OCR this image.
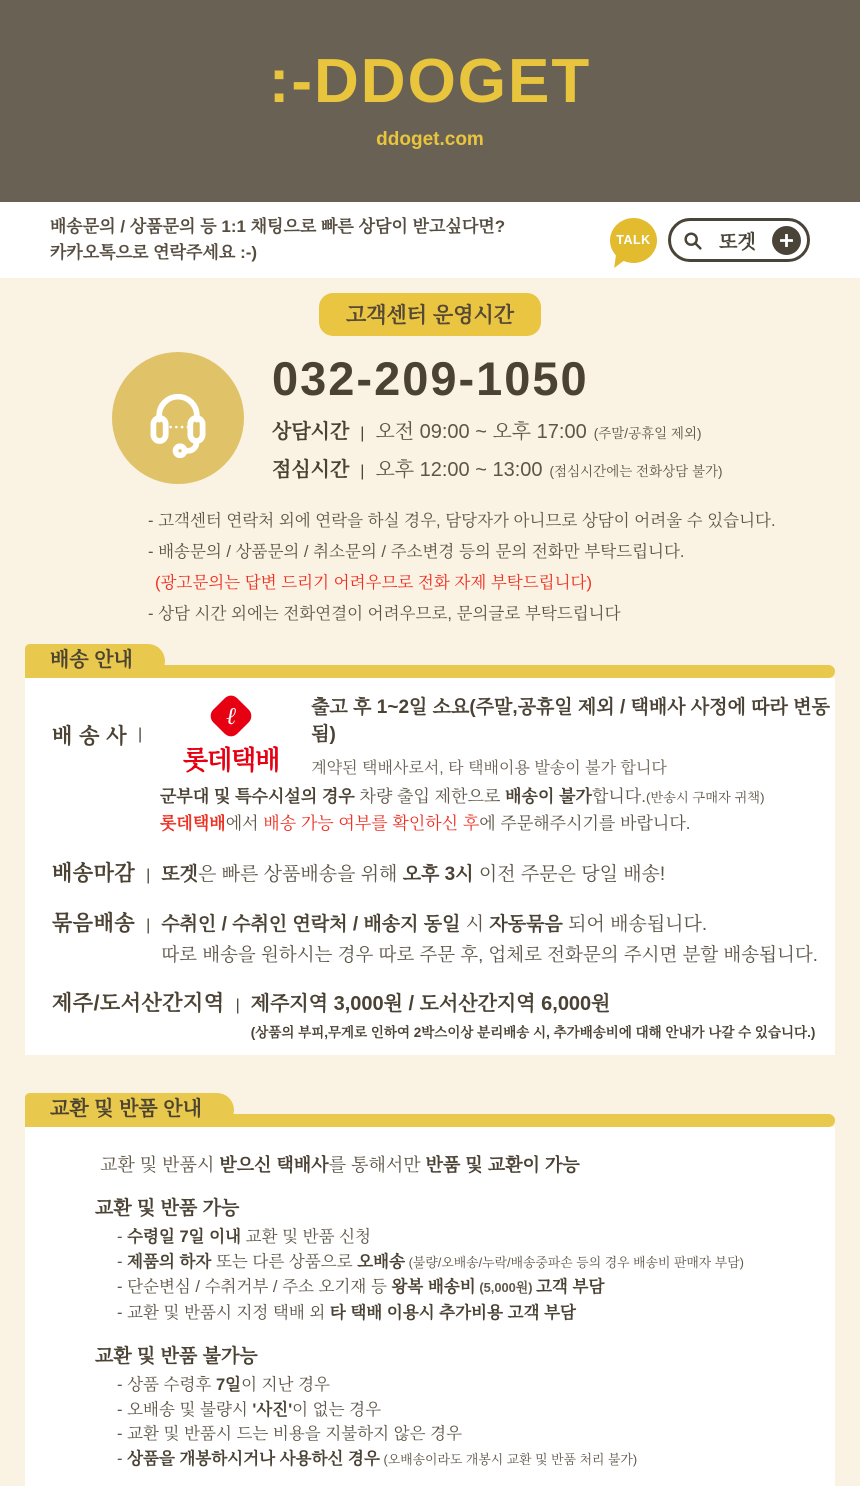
:-DDOGET
ddoget.com
배송문의 / 상품문의 등 1:1 채팅으로 빠른 상담이 받고싶다면?
카카오톡으로 연락주세요 :-)
TALK	또겟
고객센터 운영시간
032-209-1050
상담시간 | 오전 09:00 ~ 오후 17:00 (주말/공휴일 제외)
점심시간 | 오후 12:00 ~ 13:00 (점심시간에는 전화상담 불가)
- 고객센터 연락처 외에 연락을 하실 경우, 담당자가 아니므로 상담이 어려울 수 있습니다.
- 배송문의 / 상품문의 / 취소문의 / 주소변경 등의 문의 전화만 부탁드립니다.
(광고문의는 답변 드리기 어려우므로 전화 자제 부탁드립니다)
- 상담 시간 외에는 전화연결이 어려우므로, 문의글로 부탁드립니다
배송 안내
배 송 사 |
ℓ
롯데택배
출고 후 1~2일 소요(주말,공휴일 제외 / 택배사 사정에 따라 변동됨)
계약된 택배사로서, 타 택배이용 발송이 불가 합니다
군부대 및 특수시설의 경우 차량 출입 제한으로 배송이 불가합니다.(반송시 구매자 귀책)
롯데택배에서 배송 가능 여부를 확인하신 후에 주문해주시기를 바랍니다.
배송마감 | 또겟은 빠른 상품배송을 위해 오후 3시 이전 주문은 당일 배송!
묶음배송 | 수취인 / 수취인 연락처 / 배송지 동일 시 자동묶음 되어 배송됩니다.
따로 배송을 원하시는 경우 따로 주문 후, 업체로 전화문의 주시면 분할 배송됩니다.
제주/도서산간지역 | 제주지역 3,000원 / 도서산간지역 6,000원
(상품의 부피,무게로 인하여 2박스이상 분리배송 시, 추가배송비에 대해 안내가 나갈 수 있습니다.)
교환 및 반품 안내
교환 및 반품시 받으신 택배사를 통해서만 반품 및 교환이 가능
교환 및 반품 가능
- 수령일 7일 이내 교환 및 반품 신청
- 제품의 하자 또는 다른 상품으로 오배송 (불량/오배송/누락/배송중파손 등의 경우 배송비 판매자 부담)
- 단순변심 / 수취거부 / 주소 오기재 등 왕복 배송비 (5,000원) 고객 부담
- 교환 및 반품시 지정 택배 외 타 택배 이용시 추가비용 고객 부담
교환 및 반품 불가능
- 상품 수령후 7일이 지난 경우
- 오배송 및 불량시 '사진'이 없는 경우
- 교환 및 반품시 드는 비용을 지불하지 않은 경우
- 상품을 개봉하시거나 사용하신 경우 (오배송이라도 개봉시 교환 및 반품 처리 불가)
